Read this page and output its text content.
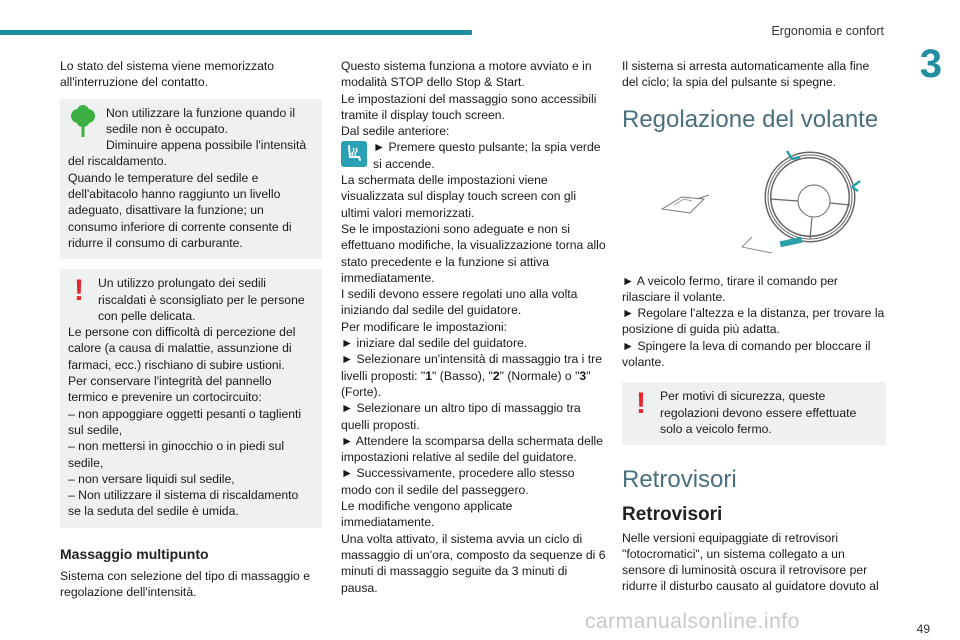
Ergonomia e confort
3

Lo stato del sistema viene memorizzato all'interruzione del contatto.

Non utilizzare la funzione quando il sedile non è occupato.

Diminuire appena possibile l'intensità del riscaldamento.

Quando le temperature del sedile e dell'abitacolo hanno raggiunto un livello adeguato, disattivare la funzione; un consumo inferiore di corrente consente di ridurre il consumo di carburante.

!	Un utilizzo prolungato dei sedili riscaldati è sconsigliato per le persone con pelle delicata.

Le persone con difficoltà di percezione del calore (a causa di malattie, assunzione di farmaci, ecc.) rischiano di subire ustioni.

Per conservare l'integrità del pannello termico e prevenire un cortocircuito:

– non appoggiare oggetti pesanti o taglienti sul sedile,

– non mettersi in ginocchio o in piedi sul sedile,

– non versare liquidi sul sedile,

– Non utilizzare il sistema di riscaldamento se la seduta del sedile è umida.

Massaggio multipunto

Sistema con selezione del tipo di massaggio e regolazione dell'intensità.

Questo sistema funziona a motore avviato e in modalità STOP dello Stop & Start.

Le impostazioni del massaggio sono accessibili tramite il display touch screen.

Dal sedile anteriore:

► Premere questo pulsante; la spia verde si accende.

La schermata delle impostazioni viene visualizzata sul display touch screen con gli ultimi valori memorizzati.

Se le impostazioni sono adeguate e non si effettuano modifiche, la visualizzazione torna allo stato precedente e la funzione si attiva immediatamente.

I sedili devono essere regolati uno alla volta iniziando dal sedile del guidatore.

Per modificare le impostazioni:

► iniziare dal sedile del guidatore.

► Selezionare un'intensità di massaggio tra i tre livelli proposti: "1" (Basso), "2" (Normale) o "3" (Forte).

► Selezionare un altro tipo di massaggio tra quelli proposti.

► Attendere la scomparsa della schermata delle impostazioni relative al sedile del guidatore.

► Successivamente, procedere allo stesso modo con il sedile del passeggero.

Le modifiche vengono applicate immediatamente.

Una volta attivato, il sistema avvia un ciclo di massaggio di un'ora, composto da sequenze di 6 minuti di massaggio seguite da 3 minuti di pausa.

Il sistema si arresta automaticamente alla fine del ciclo; la spia del pulsante si spegne.

Regolazione del volante

► A veicolo fermo, tirare il comando per rilasciare il volante.

► Regolare l'altezza e la distanza, per trovare la posizione di guida più adatta.

► Spingere la leva di comando per bloccare il volante.

!	Per motivi di sicurezza, queste regolazioni devono essere effettuate solo a veicolo fermo.

Retrovisori
Retrovisori

Nelle versioni equipaggiate di retrovisori "fotocromatici", un sistema collegato a un sensore di luminosità oscura il retrovisore per ridurre il disturbo causato al guidatore dovuto al

carmanualsonline.info	49
